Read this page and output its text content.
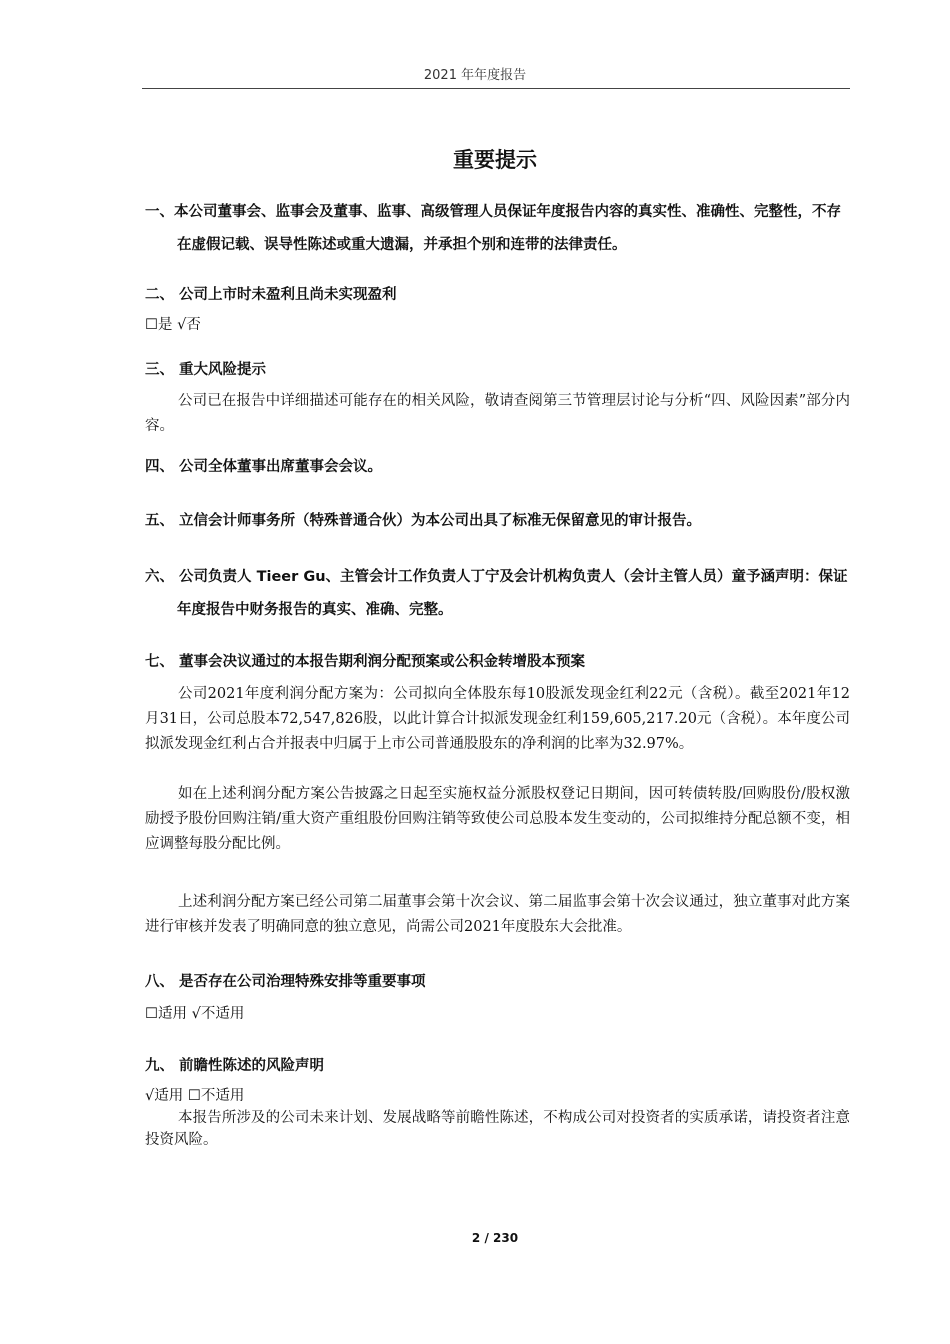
2021 年年度报告
重要提示

一、本公司董事会、监事会及董事、监事、高级管理人员保证年度报告内容的真实性、准确性、完整性，不存在虚假记载、误导性陈述或重大遗漏，并承担个别和连带的法律责任。

二、 公司上市时未盈利且尚未实现盈利

☐是 √否

三、 重大风险提示

公司已在报告中详细描述可能存在的相关风险，敬请查阅第三节管理层讨论与分析“四、风险因素”部分内容。

四、 公司全体董事出席董事会会议。

五、 立信会计师事务所（特殊普通合伙）为本公司出具了标准无保留意见的审计报告。

六、 公司负责人 Tieer Gu、主管会计工作负责人丁宁及会计机构负责人（会计主管人员）童予涵声明：保证年度报告中财务报告的真实、准确、完整。

七、 董事会决议通过的本报告期利润分配预案或公积金转增股本预案

公司2021年度利润分配方案为：公司拟向全体股东每10股派发现金红利22元（含税）。截至2021年12月31日，公司总股本72,547,826股，以此计算合计拟派发现金红利159,605,217.20元（含税）。本年度公司拟派发现金红利占合并报表中归属于上市公司普通股股东的净利润的比率为32.97%。

如在上述利润分配方案公告披露之日起至实施权益分派股权登记日期间，因可转债转股/回购股份/股权激励授予股份回购注销/重大资产重组股份回购注销等致使公司总股本发生变动的，公司拟维持分配总额不变，相应调整每股分配比例。

上述利润分配方案已经公司第二届董事会第十次会议、第二届监事会第十次会议通过，独立董事对此方案进行审核并发表了明确同意的独立意见，尚需公司2021年度股东大会批准。

八、 是否存在公司治理特殊安排等重要事项

☐适用 √不适用

九、 前瞻性陈述的风险声明

√适用 ☐不适用

本报告所涉及的公司未来计划、发展战略等前瞻性陈述，不构成公司对投资者的实质承诺，请投资者注意投资风险。

2 / 230
